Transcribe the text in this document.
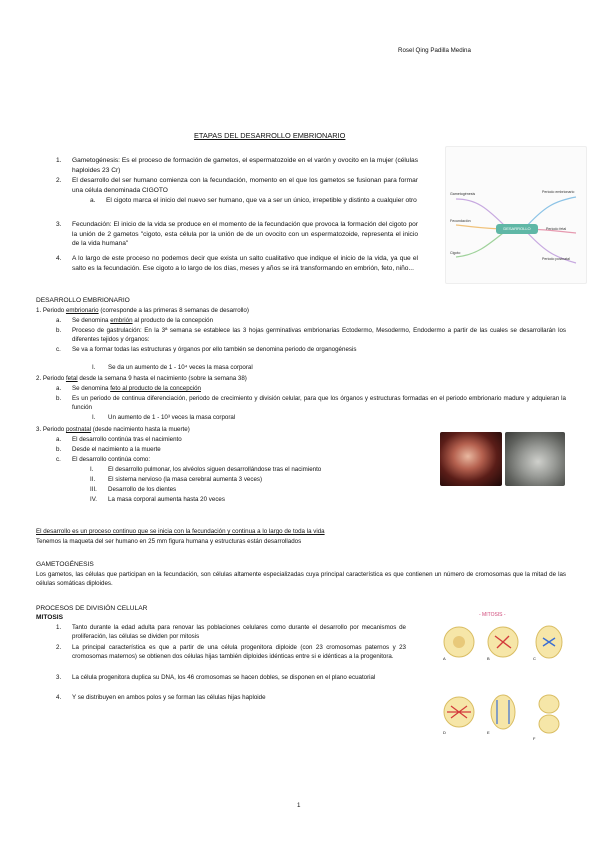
Rosel Qing Padilla Medina
ETAPAS DEL DESARROLLO EMBRIONARIO
1. Gametogénesis: Es el proceso de formación de gametos, el espermatozoide en el varón y ovocito en la mujer (células haploides 23 Cr)
2. El desarrollo del ser humano comienza con la fecundación, momento en el que los gametos se fusionan para formar una célula denominada CIGOTO
a. El cigoto marca el inicio del nuevo ser humano, que va a ser un único, irrepetible y distinto a cualquier otro
3. Fecundación: El inicio de la vida se produce en el momento de la fecundación que provoca la formación del cigoto por la unión de 2 gametos "cigoto, esta célula por la unión de de un ovocito con un espermatozoide, representa el inicio de la vida humana"
4. A lo largo de este proceso no podemos decir que exista un salto cualitativo que indique el inicio de la vida, ya que el salto es la fecundación. Ese cigoto a lo largo de los días, meses y años se irá transformando en embrión, feto, niño...
DESARROLLO
Gametogénesis
Fecundación
Cigoto
Periodo embrionario
Periodo fetal
Periodo postnatal
DESARROLLO EMBRIONARIO
1. Periodo embrionario (corresponde a las primeras 8 semanas de desarrollo)
a. Se denomina embrión al producto de la concepción
b. Proceso de gastrulación: En la 3ª semana se establece las 3 hojas germinativas embrionarias Ectodermo, Mesodermo, Endodermo a partir de las cuales se desarrollarán los diferentes tejidos y órganos:
c. Se va a formar todas las estructuras y órganos por ello también se denomina periodo de organogénesis
I. Se da un aumento de 1 - 10⁴ veces la masa corporal
2. Periodo fetal desde la semana 9 hasta el nacimiento (sobre la semana 38)
a. Se denomina feto al producto de la concepción
b. Es un periodo de continua diferenciación, periodo de crecimiento y división celular, para que los órganos y estructuras formadas en el periodo embrionario madure y adquieran la función
I. Un aumento de 1 - 10³ veces la masa corporal
3. Periodo postnatal (desde nacimiento hasta la muerte)
a. El desarrollo continúa tras el nacimiento
b. Desde el nacimiento a la muerte
c. El desarrollo continúa como:
I. El desarrollo pulmonar, los alvéolos siguen desarrollándose tras el nacimiento
II. El sistema nervioso (la masa cerebral aumenta 3 veces)
III. Desarrollo de los dientes
IV. La masa corporal aumenta hasta 20 veces
El desarrollo es un proceso continuo que se inicia con la fecundación y continua a lo largo de toda la vida
Tenemos la maqueta del ser humano en 25 mm figura humana y estructuras están desarrollados
GAMETOGÉNESIS
Los gametos, las células que participan en la fecundación, son células altamente especializadas cuya principal característica es que contienen un número de cromosomas que la mitad de las células somáticas diploides.
PROCESOS DE DIVISIÓN CELULAR
MITOSIS
1. Tanto durante la edad adulta para renovar las poblaciones celulares como durante el desarrollo por mecanismos de proliferación, las células se dividen por mitosis
2. La principal característica es que a partir de una célula progenitora diploide (con 23 cromosomas paternos y 23 cromosomas maternos) se obtienen dos células hijas también diploides idénticas entre si e idénticas a la progenitora.
3. La célula progenitora duplica su DNA, los 46 cromosomas se hacen dobles, se disponen en el plano ecuatorial
4. Y se distribuyen en ambos polos y se forman las células hijas haploide
- MITOSIS -
A	B	C
D	E
F
1
